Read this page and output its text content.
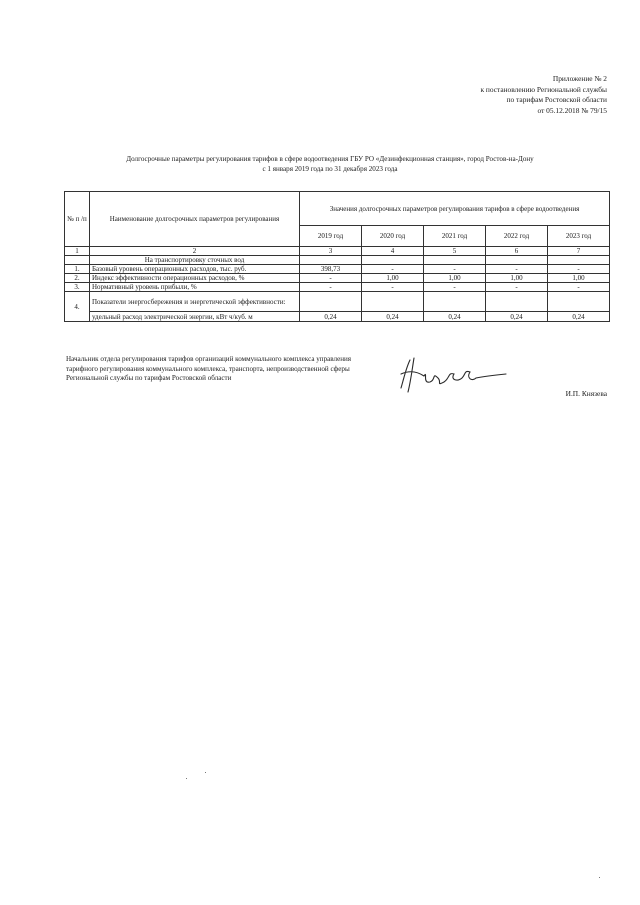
Приложение № 2
к постановлению Региональной службы
по тарифам Ростовской области
от 05.12.2018 № 79/15
Долгосрочные параметры регулирования тарифов в сфере водоотведения ГБУ РО «Дезинфекционная станция», город Ростов-на-Дону
с 1 января 2019 года по 31 декабря 2023 года
№ п /п	Наименование долгосрочных параметров регулирования	Значения долгосрочных параметров регулирования тарифов в сфере водоотведения				
		2019 год	2020 год	2021 год	2022 год	2023 год
1	2	3	4	5	6	7
	На транспортировку сточных вод					
1.	Базовый уровень операционных расходов, тыс. руб.	398,73	-	-	-	-
2.	Индекс эффективности операционных расходов, %	-	1,00	1,00	1,00	1,00
3.	Нормативный уровень прибыли, %	-	-	-	-	-
4.	Показатели энергосбережения и энергетической эффективности:					
	удельный расход электрической энергии, кВт ч/куб. м	0,24	0,24	0,24	0,24	0,24
Начальник отдела регулирования тарифов организаций коммунального комплекса управления тарифного регулирования коммунального комплекса, транспорта, непроизводственной сферы Региональной службы по тарифам Ростовской области
И.П. Князева
